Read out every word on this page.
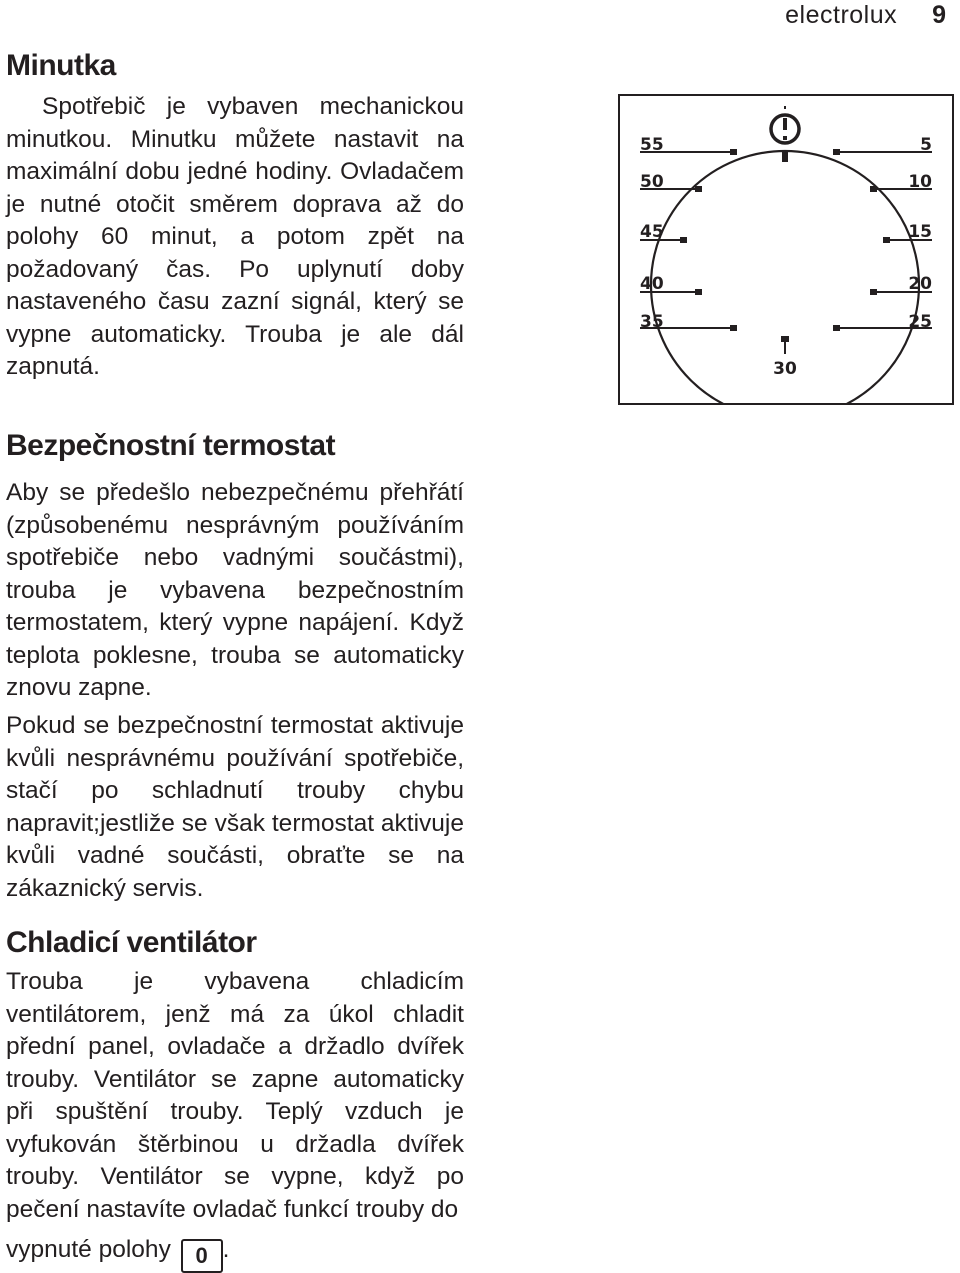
electrolux 9
Minutka

Spotřebič je vybaven mechanickou minutkou. Minutku můžete nastavit na maximální dobu jedné hodiny. Ovladačem je nutné otočit směrem doprava až do polohy 60 minut, a potom zpět na požadovaný čas. Po uplynutí doby nastaveného času zazní signál, který se vypne automaticky. Trouba je ale dál zapnutá.

55
50
45
40
35
5
10
15
20
25
30
Bezpečnostní termostat

Aby se předešlo nebezpečnému přehřátí (způsobenému nesprávným používáním spotřebiče nebo vadnými součástmi), trouba je vybavena bezpečnostním termostatem, který vypne napájení. Když teplota poklesne, trouba se automaticky znovu zapne.

Pokud se bezpečnostní termostat aktivuje kvůli nesprávnému používání spotřebiče, stačí po schladnutí trouby chybu napravit;jestliže se však termostat aktivuje kvůli vadné součásti, obraťte se na zákaznický servis.

Chladicí ventilátor

Trouba je vybavena chladicím ventilátorem, jenž má za úkol chladit přední panel, ovladače a držadlo dvířek trouby. Ventilátor se zapne automaticky při spuštění trouby. Teplý vzduch je vyfukován štěrbinou u držadla dvířek trouby. Ventilátor se vypne, když po pečení nastavíte ovladač funkcí trouby do

vypnuté polohy 0 .
